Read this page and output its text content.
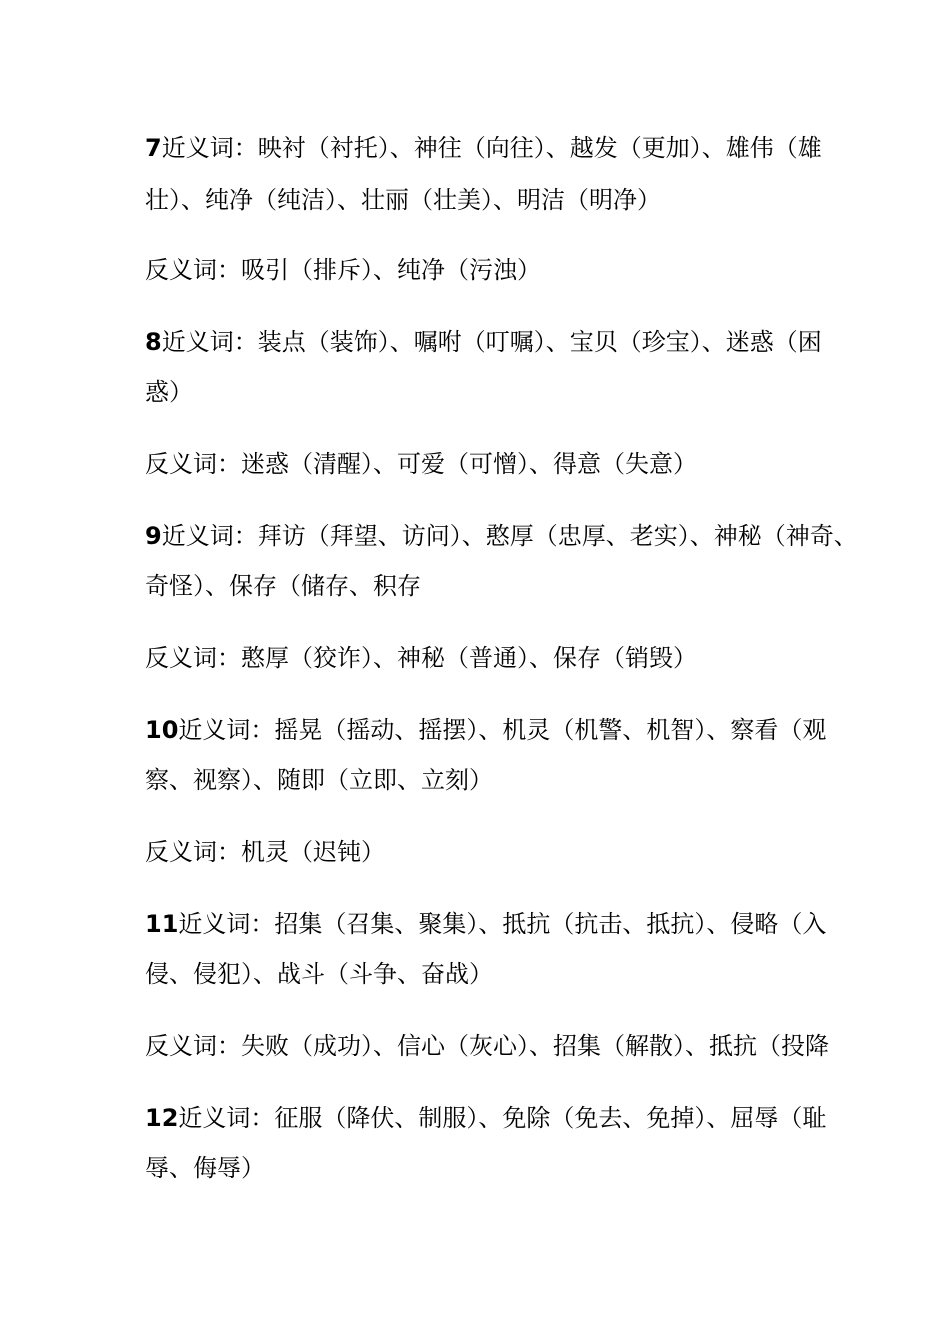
7近义词：映衬（衬托）、神往（向往）、越发（更加）、雄伟（雄
壮）、纯净（纯洁）、壮丽（壮美）、明洁（明净）
反义词：吸引（排斥）、纯净（污浊）
8近义词：装点（装饰）、嘱咐（叮嘱）、宝贝（珍宝）、迷惑（困
惑）
反义词：迷惑（清醒）、可爱（可憎）、得意（失意）
9近义词：拜访（拜望、访问）、憨厚（忠厚、老实）、神秘（神奇、
奇怪）、保存（储存、积存
反义词：憨厚（狡诈）、神秘（普通）、保存（销毁）
10近义词：摇晃（摇动、摇摆）、机灵（机警、机智）、察看（观
察、视察）、随即（立即、立刻）
反义词：机灵（迟钝）
11近义词：招集（召集、聚集）、抵抗（抗击、抵抗）、侵略（入
侵、侵犯）、战斗（斗争、奋战）
反义词：失败（成功）、信心（灰心）、招集（解散）、抵抗（投降
12近义词：征服（降伏、制服）、免除（免去、免掉）、屈辱（耻
辱、侮辱）
